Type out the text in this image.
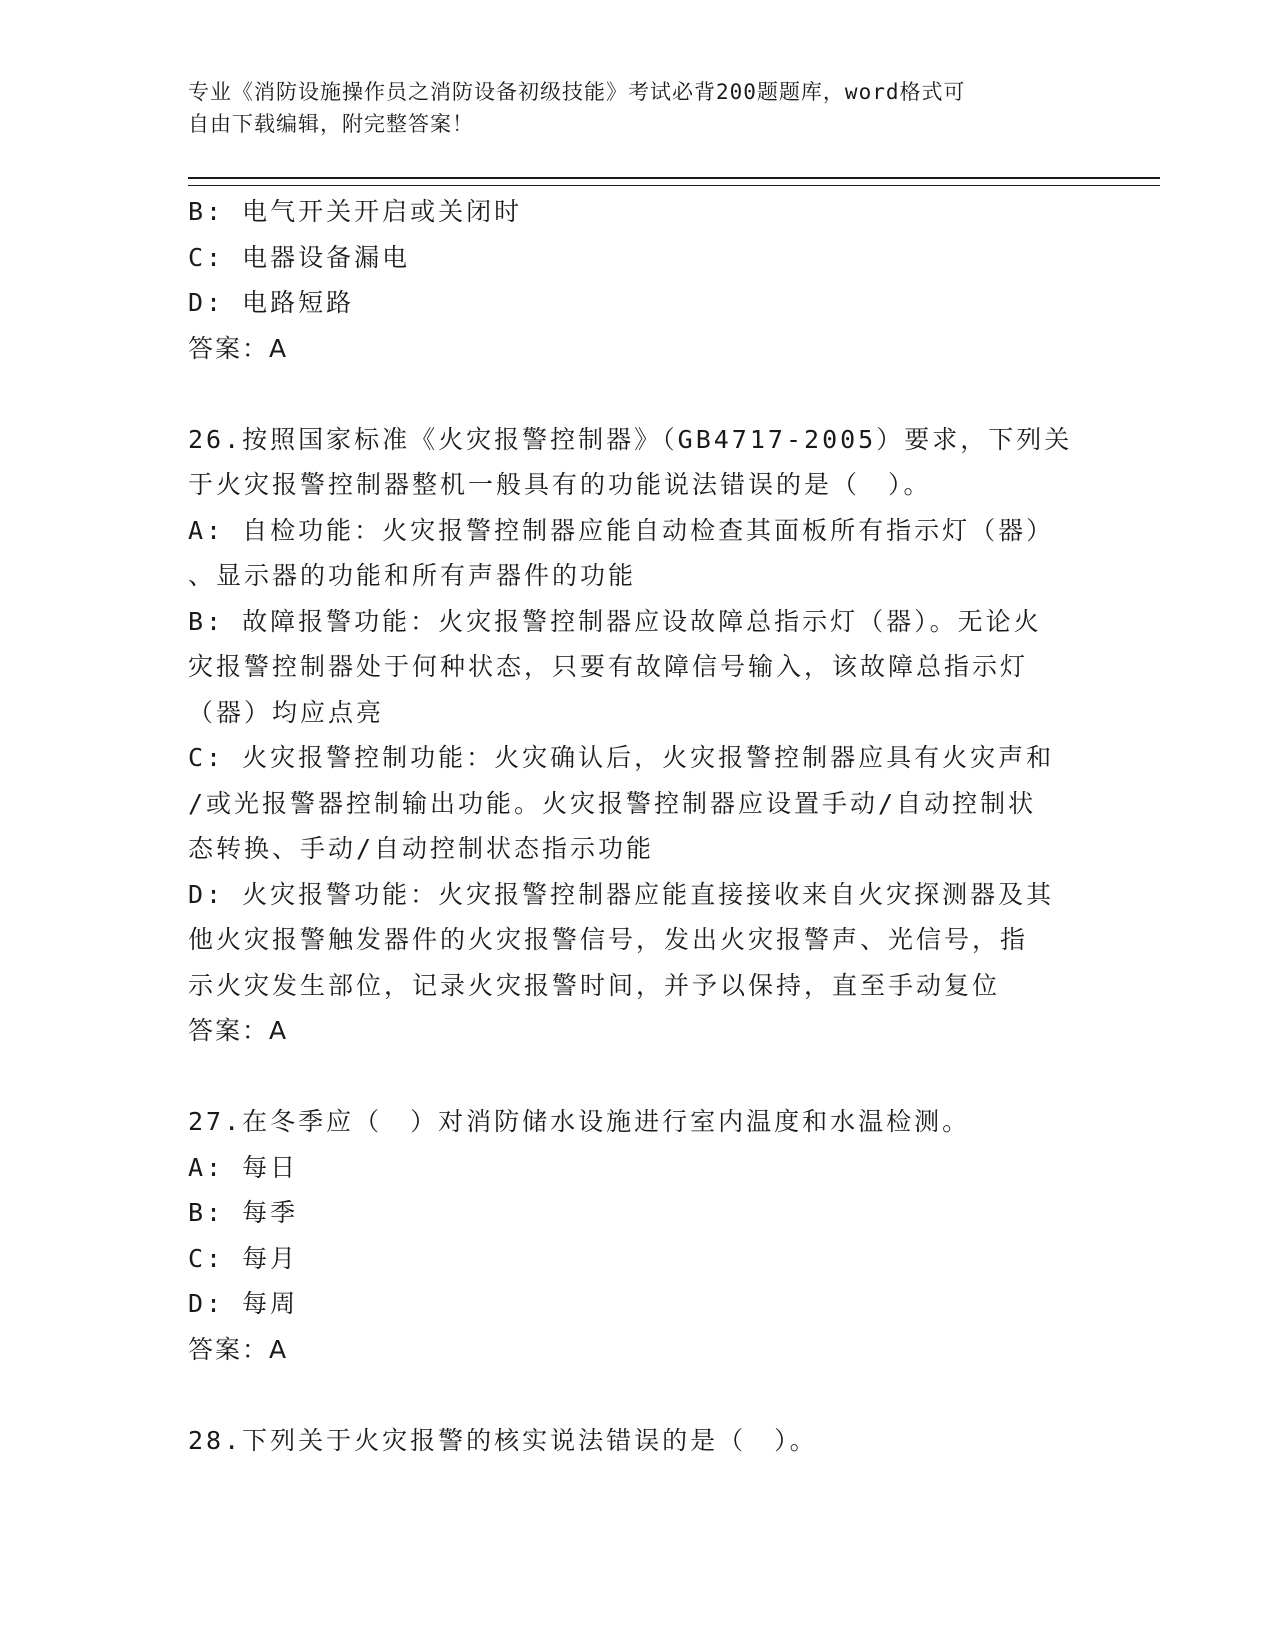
专业《消防设施操作员之消防设备初级技能》考试必背200题题库，word格式可
自由下载编辑，附完整答案！
B: 电气开关开启或关闭时
C: 电器设备漏电
D: 电路短路
答案：A
26.按照国家标准《火灾报警控制器》（GB4717-2005）要求，下列关
于火灾报警控制器整机一般具有的功能说法错误的是（　）。
A: 自检功能：火灾报警控制器应能自动检查其面板所有指示灯（器）
、显示器的功能和所有声器件的功能
B: 故障报警功能：火灾报警控制器应设故障总指示灯（器）。无论火
灾报警控制器处于何种状态，只要有故障信号输入，该故障总指示灯
（器）均应点亮
C: 火灾报警控制功能：火灾确认后，火灾报警控制器应具有火灾声和
/或光报警器控制输出功能。火灾报警控制器应设置手动/自动控制状
态转换、手动/自动控制状态指示功能
D: 火灾报警功能：火灾报警控制器应能直接接收来自火灾探测器及其
他火灾报警触发器件的火灾报警信号，发出火灾报警声、光信号，指
示火灾发生部位，记录火灾报警时间，并予以保持，直至手动复位
答案：A
27.在冬季应（　）对消防储水设施进行室内温度和水温检测。
A: 每日
B: 每季
C: 每月
D: 每周
答案：A
28.下列关于火灾报警的核实说法错误的是（　）。
